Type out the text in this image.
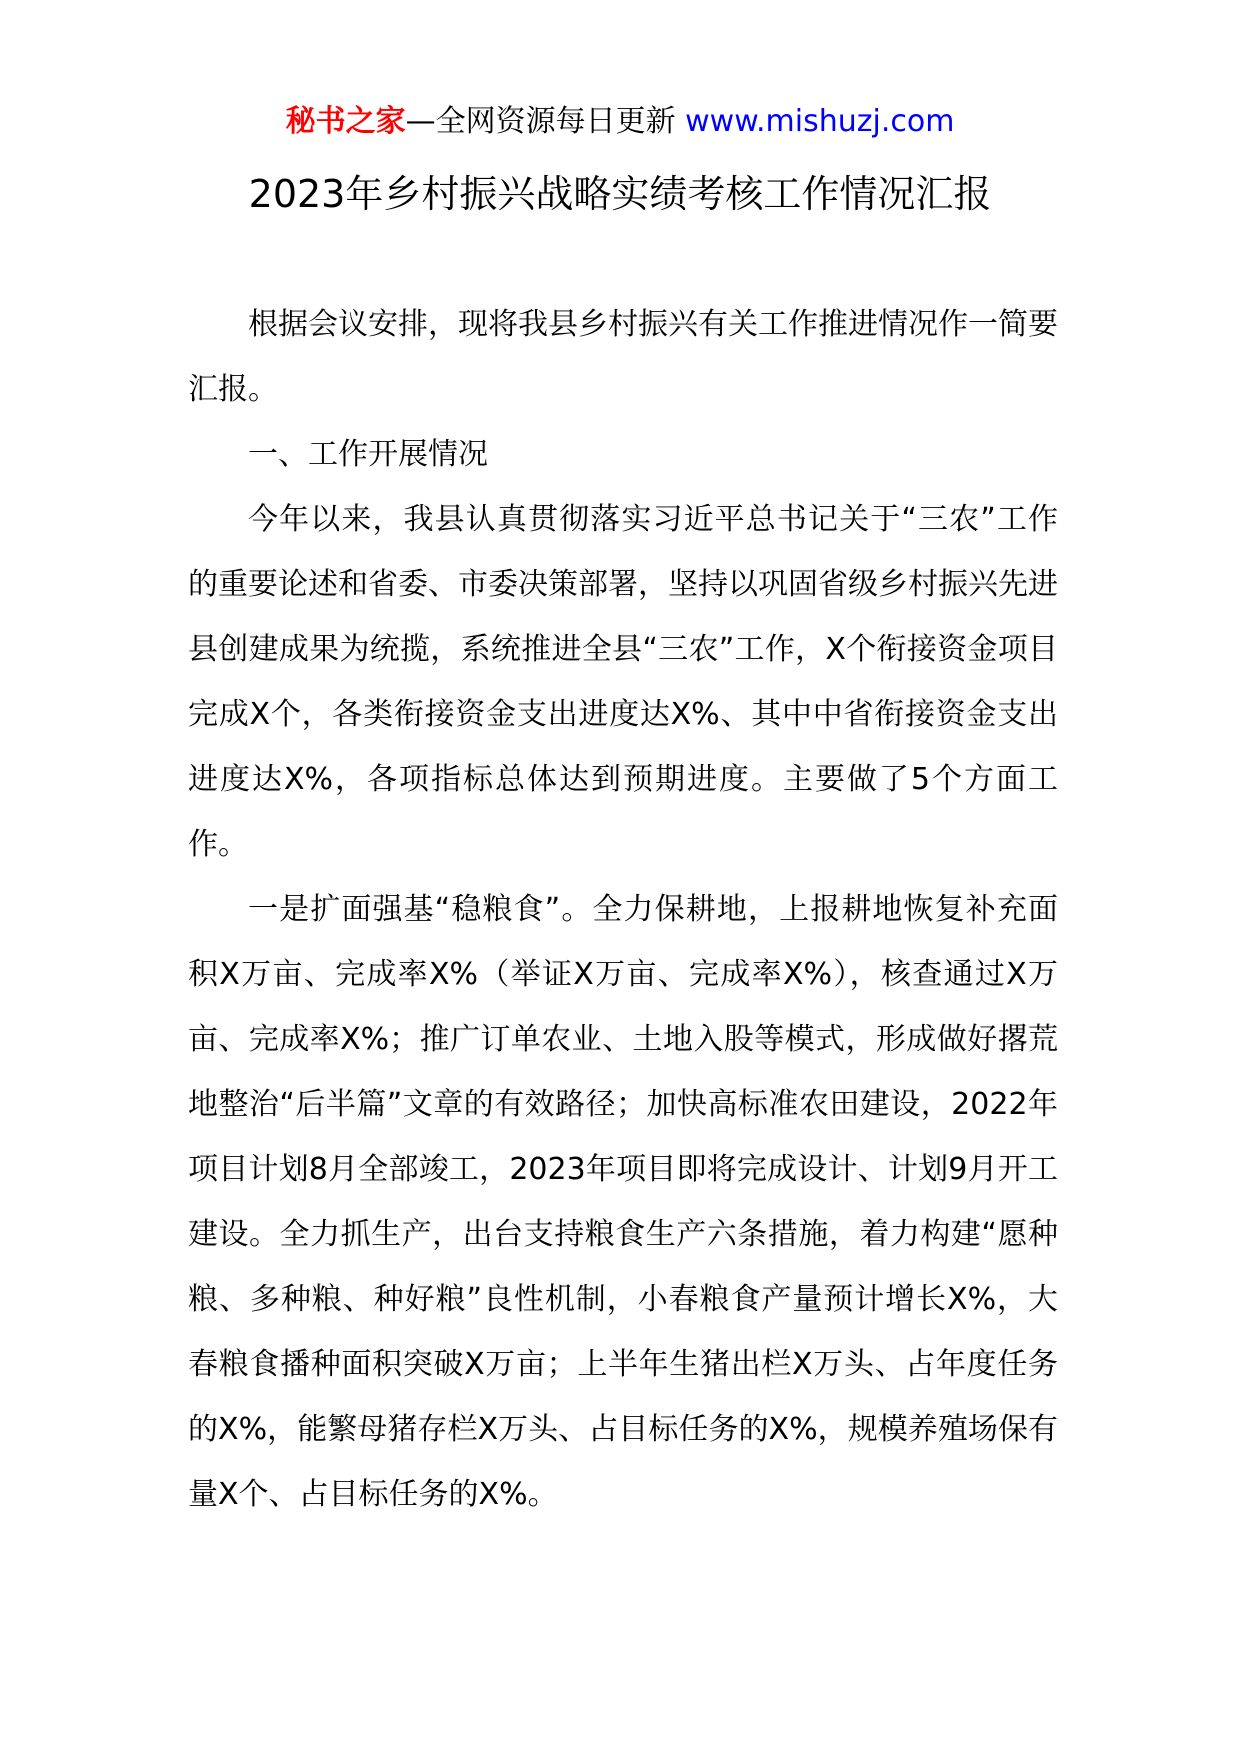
秘书之家—全网资源每日更新 www.mishuzj.com
2023年乡村振兴战略实绩考核工作情况汇报

根据会议安排，现将我县乡村振兴有关工作推进情况作一简要汇报。

一、工作开展情况

今年以来，我县认真贯彻落实习近平总书记关于“三农”工作的重要论述和省委、市委决策部署，坚持以巩固省级乡村振兴先进县创建成果为统揽，系统推进全县“三农”工作，X个衔接资金项目完成X个，各类衔接资金支出进度达X%、其中中省衔接资金支出进度达X%，各项指标总体达到预期进度。主要做了5个方面工作。

一是扩面强基“稳粮食”。全力保耕地，上报耕地恢复补充面积X万亩、完成率X%（举证X万亩、完成率X%），核查通过X万亩、完成率X%；推广订单农业、土地入股等模式，形成做好撂荒地整治“后半篇”文章的有效路径；加快高标准农田建设，2022年项目计划8月全部竣工，2023年项目即将完成设计、计划9月开工建设。全力抓生产，出台支持粮食生产六条措施，着力构建“愿种粮、多种粮、种好粮”良性机制，小春粮食产量预计增长X%，大春粮食播种面积突破X万亩；上半年生猪出栏X万头、占年度任务的X%，能繁母猪存栏X万头、占目标任务的X%，规模养殖场保有量X个、占目标任务的X%。
